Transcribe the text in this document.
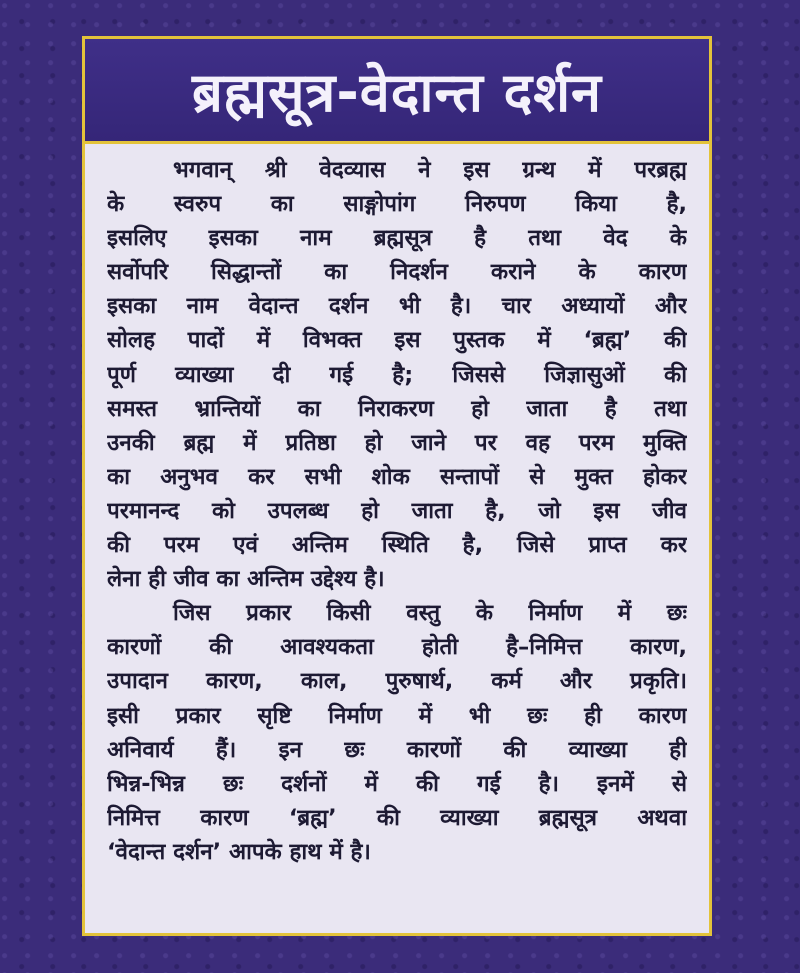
ब्रह्मसूत्र-वेदान्त दर्शन
भगवान् श्री वेदव्यास ने इस ग्रन्थ में परब्रह्म
के स्वरुप का साङ्गोपांग निरुपण किया है,
इसलिए इसका नाम ब्रह्मसूत्र है तथा वेद के
सर्वोपरि सिद्धान्तों का निदर्शन कराने के कारण
इसका नाम वेदान्त दर्शन भी है। चार अध्यायों और
सोलह पादों में विभक्त इस पुस्तक में ‘ब्रह्म’ की
पूर्ण व्याख्या दी गई है; जिससे जिज्ञासुओं की
समस्त भ्रान्तियों का निराकरण हो जाता है तथा
उनकी ब्रह्म में प्रतिष्ठा हो जाने पर वह परम मुक्ति
का अनुभव कर सभी शोक सन्तापों से मुक्त होकर
परमानन्द को उपलब्ध हो जाता है, जो इस जीव
की परम एवं अन्तिम स्थिति है, जिसे प्राप्त कर
लेना ही जीव का अन्तिम उद्देश्य है।
जिस प्रकार किसी वस्तु के निर्माण में छः
कारणों की आवश्यकता होती है–निमित्त कारण,
उपादान कारण, काल, पुरुषार्थ, कर्म और प्रकृति।
इसी प्रकार सृष्टि निर्माण में भी छः ही कारण
अनिवार्य हैं। इन छः कारणों की व्याख्या ही
भिन्न-भिन्न छः दर्शनों में की गई है। इनमें से
निमित्त कारण ‘ब्रह्म’ की व्याख्या ब्रह्मसूत्र अथवा
‘वेदान्त दर्शन’ आपके हाथ में है।
